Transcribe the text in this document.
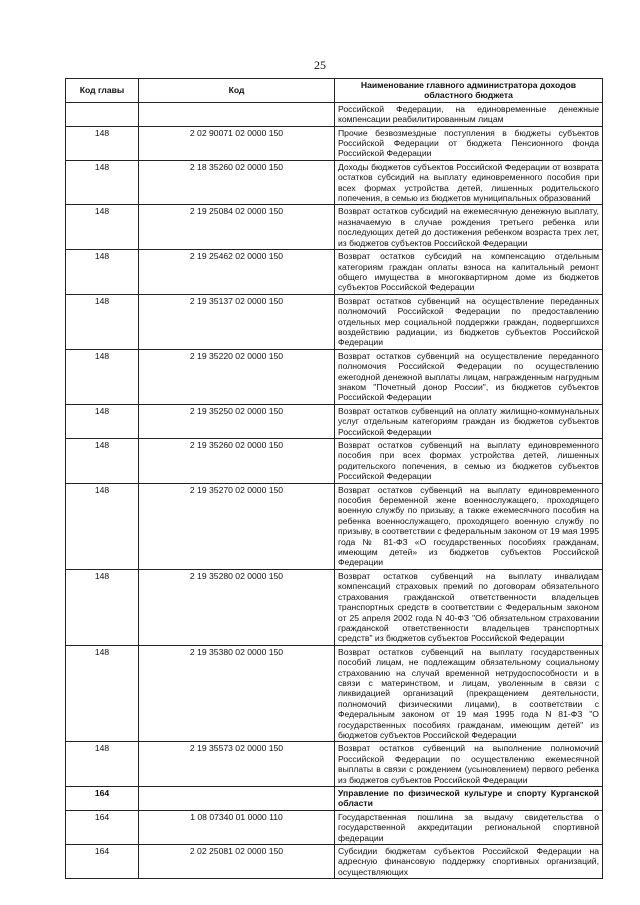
25
Код главы	Код	Наименование главного администратора доходов областного бюджета
		Российской Федерации, на единовременные денежные компенсации реабилитированным лицам
148	2 02 90071 02 0000 150	Прочие безвозмездные поступления в бюджеты субъектов Российской Федерации от бюджета Пенсионного фонда Российской Федерации
148	2 18 35260 02 0000 150	Доходы бюджетов субъектов Российской Федерации от возврата остатков субсидий на выплату единовременного пособия при всех формах устройства детей, лишенных родительского попечения, в семью из бюджетов муниципальных образований
148	2 19 25084 02 0000 150	Возврат остатков субсидий на ежемесячную денежную выплату, назначаемую в случае рождения третьего ребенка или последующих детей до достижения ребенком возраста трех лет, из бюджетов субъектов Российской Федерации
148	2 19 25462 02 0000 150	Возврат остатков субсидий на компенсацию отдельным категориям граждан оплаты взноса на капитальный ремонт общего имущества в многоквартирном доме из бюджетов субъектов Российской Федерации
148	2 19 35137 02 0000 150	Возврат остатков субвенций на осуществление переданных полномочий Российской Федерации по предоставлению отдельных мер социальной поддержки граждан, подвергшихся воздействию радиации, из бюджетов субъектов Российской Федерации
148	2 19 35220 02 0000 150	Возврат остатков субвенций на осуществление переданного полномочия Российской Федерации по осуществлению ежегодной денежной выплаты лицам, награжденным нагрудным знаком "Почетный донор России", из бюджетов субъектов Российской Федерации
148	2 19 35250 02 0000 150	Возврат остатков субвенций на оплату жилищно-коммунальных услуг отдельным категориям граждан из бюджетов субъектов Российской Федерации
148	2 19 35260 02 0000 150	Возврат остатков субвенций на выплату единовременного пособия при всех формах устройства детей, лишенных родительского попечения, в семью из бюджетов субъектов Российской Федерации
148	2 19 35270 02 0000 150	Возврат остатков субвенций на выплату единовременного пособия беременной жене военнослужащего, проходящего военную службу по призыву, а также ежемесячного пособия на ребенка военнослужащего, проходящего военную службу по призыву, в соответствии с федеральным законом от 19 мая 1995 года № 81-ФЗ «О государственных пособиях гражданам, имеющим детей» из бюджетов субъектов Российской Федерации
148	2 19 35280 02 0000 150	Возврат остатков субвенций на выплату инвалидам компенсаций страховых премий по договорам обязательного страхования гражданской ответственности владельцев транспортных средств в соответствии с Федеральным законом от 25 апреля 2002 года N 40-ФЗ "Об обязательном страховании гражданской ответственности владельцев транспортных средств" из бюджетов субъектов Российской Федерации
148	2 19 35380 02 0000 150	Возврат остатков субвенций на выплату государственных пособий лицам, не подлежащим обязательному социальному страхованию на случай временной нетрудоспособности и в связи с материнством, и лицам, уволенным в связи с ликвидацией организаций (прекращением деятельности, полномочий физическими лицами), в соответствии с Федеральным законом от 19 мая 1995 года N 81-ФЗ "О государственных пособиях гражданам, имеющим детей" из бюджетов субъектов Российской Федерации
148	2 19 35573 02 0000 150	Возврат остатков субвенций на выполнение полномочий Российской Федерации по осуществлению ежемесячной выплаты в связи с рождением (усыновлением) первого ребенка из бюджетов субъектов Российской Федерации
164		Управление по физической культуре и спорту Курганской области
164	1 08 07340 01 0000 110	Государственная пошлина за выдачу свидетельства о государственной аккредитации региональной спортивной федерации
164	2 02 25081 02 0000 150	Субсидии бюджетам субъектов Российской Федерации на адресную финансовую поддержку спортивных организаций, осуществляющих
